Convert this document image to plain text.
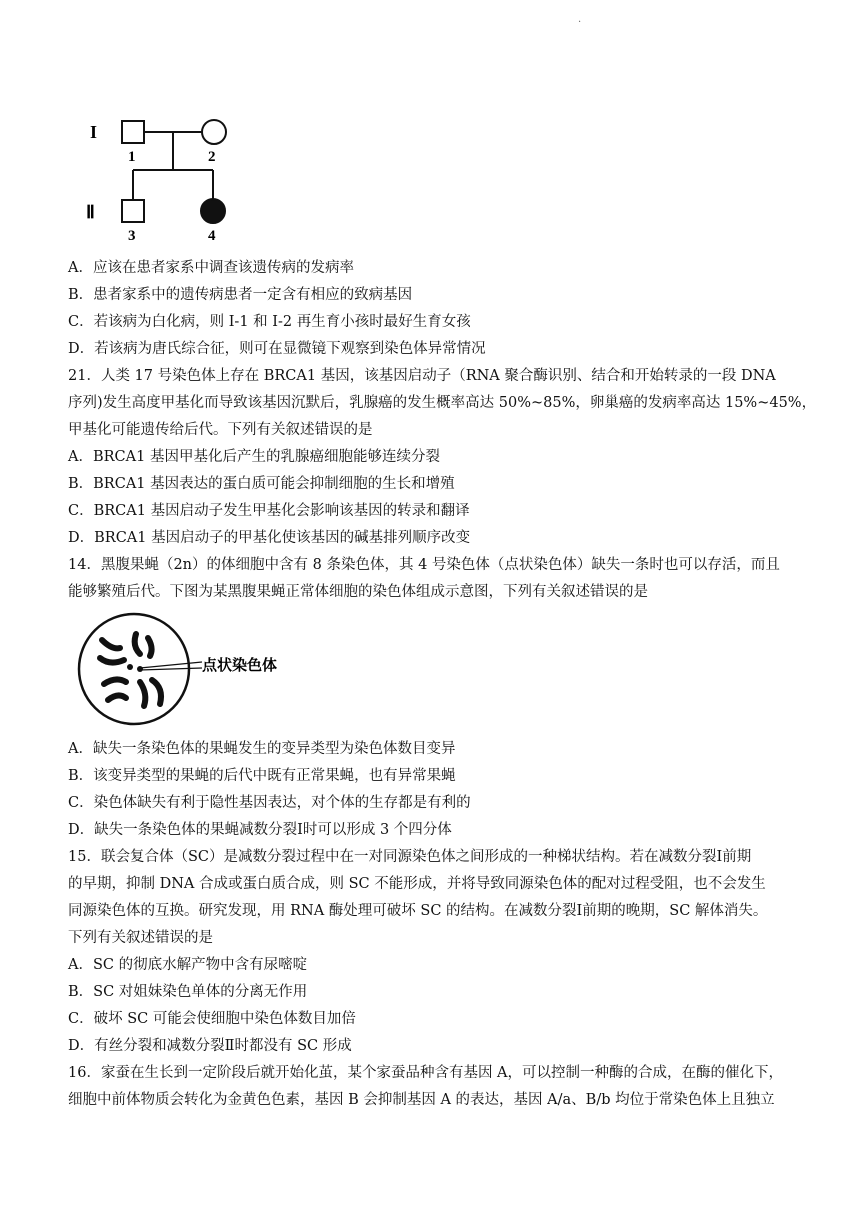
.
I
Ⅱ
1	2
3	4
A．应该在患者家系中调查该遗传病的发病率
B．患者家系中的遗传病患者一定含有相应的致病基因
C．若该病为白化病，则 I-1 和 I-2 再生育小孩时最好生育女孩
D．若该病为唐氏综合征，则可在显微镜下观察到染色体异常情况
21．人类 17 号染色体上存在 BRCA1 基因，该基因启动子（RNA 聚合酶识别、结合和开始转录的一段 DNA
序列)发生高度甲基化而导致该基因沉默后，乳腺癌的发生概率高达 50%~85%，卵巢癌的发病率高达 15%~45%，
甲基化可能遗传给后代。下列有关叙述错误的是
A．BRCA1 基因甲基化后产生的乳腺癌细胞能够连续分裂
B．BRCA1 基因表达的蛋白质可能会抑制细胞的生长和增殖
C．BRCA1 基因启动子发生甲基化会影响该基因的转录和翻译
D．BRCA1 基因启动子的甲基化使该基因的碱基排列顺序改变
14．黑腹果蝇（2n）的体细胞中含有 8 条染色体，其 4 号染色体（点状染色体）缺失一条时也可以存活，而且
能够繁殖后代。下图为某黑腹果蝇正常体细胞的染色体组成示意图，下列有关叙述错误的是
点状染色体
A．缺失一条染色体的果蝇发生的变异类型为染色体数目变异
B．该变异类型的果蝇的后代中既有正常果蝇，也有异常果蝇
C．染色体缺失有利于隐性基因表达，对个体的生存都是有利的
D．缺失一条染色体的果蝇减数分裂Ⅰ时可以形成 3 个四分体
15．联会复合体（SC）是减数分裂过程中在一对同源染色体之间形成的一种梯状结构。若在减数分裂Ⅰ前期
的早期，抑制 DNA 合成或蛋白质合成，则 SC 不能形成，并将导致同源染色体的配对过程受阻，也不会发生
同源染色体的互换。研究发现，用 RNA 酶处理可破坏 SC 的结构。在减数分裂Ⅰ前期的晚期，SC 解体消失。
下列有关叙述错误的是
A．SC 的彻底水解产物中含有尿嘧啶
B．SC 对姐妹染色单体的分离无作用
C．破坏 SC 可能会使细胞中染色体数目加倍
D．有丝分裂和减数分裂Ⅱ时都没有 SC 形成
16．家蚕在生长到一定阶段后就开始化茧，某个家蚕品种含有基因 A，可以控制一种酶的合成，在酶的催化下，
细胞中前体物质会转化为金黄色色素，基因 B 会抑制基因 A 的表达，基因 A/a、B/b 均位于常染色体上且独立
